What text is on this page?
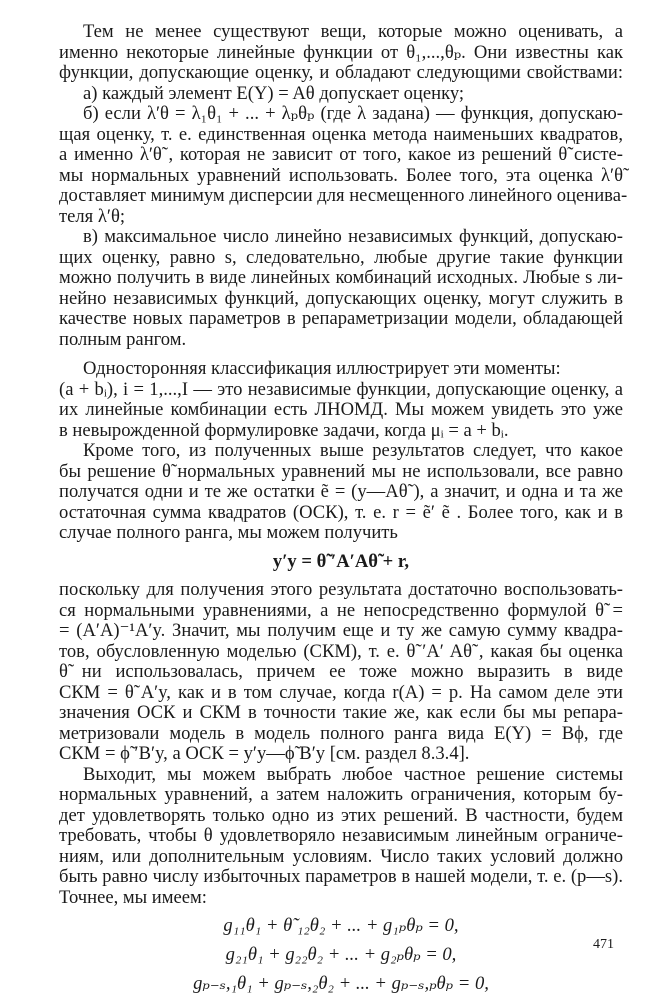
Тем не менее существуют вещи, которые можно оценивать, а
именно некоторые линейные функции от θ₁,...,θₚ. Они известны как
функции, допускающие оценку, и обладают следующими свойствами:
а) каждый элемент E(Y) = Aθ допускает оценку;
б) если λ′θ = λ₁θ₁ + ... + λₚθₚ (где λ задана) — функция, допускаю-
щая оценку, т. е. единственная оценка метода наименьших квадратов,
а именно λ′θ̃ , которая не зависит от того, какое из решений θ̃ систе-
мы нормальных уравнений использовать. Более того, эта оценка λ′θ̃
доставляет минимум дисперсии для несмещенного линейного оценива-
теля λ′θ;
в) максимальное число линейно независимых функций, допускаю-
щих оценку, равно s, следовательно, любые другие такие функции
можно получить в виде линейных комбинаций исходных. Любые s ли-
нейно независимых функций, допускающих оценку, могут служить в
качестве новых параметров в репараметризации модели, обладающей
полным рангом.
Односторонняя классификация иллюстрирует эти моменты:
(a + bᵢ), i = 1,...,I — это независимые функции, допускающие оценку, а
их линейные комбинации есть ЛНОМД. Мы можем увидеть это уже
в невырожденной формулировке задачи, когда μᵢ = a + bᵢ.
Кроме того, из полученных выше результатов следует, что какое
бы решение θ̃ нормальных уравнений мы не использовали, все равно
получатся одни и те же остатки ẽ = (y—Aθ̃ ), а значит, и одна и та же
остаточная сумма квадратов (ОСК), т. е. r = ẽ′ ẽ . Более того, как и в
случае полного ранга, мы можем получить
y′y = θ̃ ′A′Aθ̃ + r,
поскольку для получения этого результата достаточно воспользовать-
ся нормальными уравнениями, а не непосредственно формулой θ̃ =
= (A′A)⁻¹A′y. Значит, мы получим еще и ту же самую сумму квадра-
тов, обусловленную моделью (СКМ), т. е. θ̃ ′A′ Aθ̃ , какая бы оценка
θ̃ ни использовалась, причем ее тоже можно выразить в виде
СКМ = θ̃ A′y, как и в том случае, когда r(A) = p. На самом деле эти
значения ОСК и СКМ в точности такие же, как если бы мы репара-
метризовали модель в модель полного ранга вида E(Y) = Bϕ, где
СКМ = ϕ̃ ′B′y, а ОСК = y′y—ϕ̃ B′y [см. раздел 8.3.4].
Выходит, мы можем выбрать любое частное решение системы
нормальных уравнений, а затем наложить ограничения, которым бу-
дет удовлетворять только одно из этих решений. В частности, будем
требовать, чтобы θ удовлетворяло независимым линейным ограниче-
ниям, или дополнительным условиям. Число таких условий должно
быть равно числу избыточных параметров в нашей модели, т. е. (p—s).
Точнее, мы имеем:
g₁₁θ₁ + θ̃ ₁₂θ₂ + ... + g₁ₚθₚ = 0,
g₂₁θ₁ + g₂₂θ₂ + ... + g₂ₚθₚ = 0,
gₚ₋ₛ,₁θ₁ + gₚ₋ₛ,₂θ₂ + ... + gₚ₋ₛ,ₚθₚ = 0,
471
